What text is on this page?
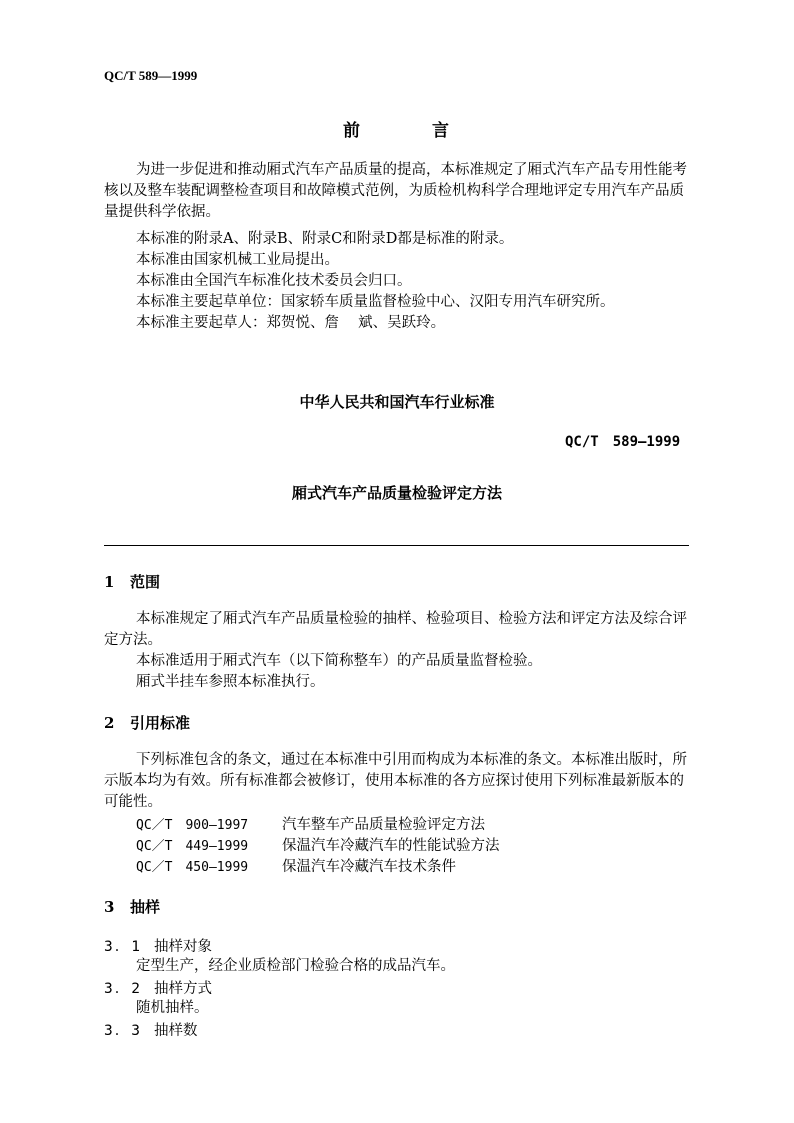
QC/T 589—1999
前	言
为进一步促进和推动厢式汽车产品质量的提高，本标准规定了厢式汽车产品专用性能考核以及整车装配调整检查项目和故障模式范例，为质检机构科学合理地评定专用汽车产品质量提供科学依据。
本标准的附录A、附录B、附录C和附录D都是标准的附录。
本标准由国家机械工业局提出。
本标准由全国汽车标准化技术委员会归口。
本标准主要起草单位：国家轿车质量监督检验中心、汉阳专用汽车研究所。
本标准主要起草人：郑贺悦、詹　 斌、吴跃玲。
中华人民共和国汽车行业标准
QC/T　589—1999
厢式汽车产品质量检验评定方法
1 范围
本标准规定了厢式汽车产品质量检验的抽样、检验项目、检验方法和评定方法及综合评定方法。
本标准适用于厢式汽车（以下简称整车）的产品质量监督检验。
厢式半挂车参照本标准执行。
2 引用标准
下列标准包含的条文，通过在本标准中引用而构成为本标准的条文。本标准出版时，所示版本均为有效。所有标准都会被修订，使用本标准的各方应探讨使用下列标准最新版本的可能性。
QC／T　900—1997 汽车整车产品质量检验评定方法
QC／T　449—1999 保温汽车冷藏汽车的性能试验方法
QC／T　450—1999 保温汽车冷藏汽车技术条件
3 抽样
3．1 抽样对象
定型生产，经企业质检部门检验合格的成品汽车。
3．2 抽样方式
随机抽样。
3．3 抽样数
